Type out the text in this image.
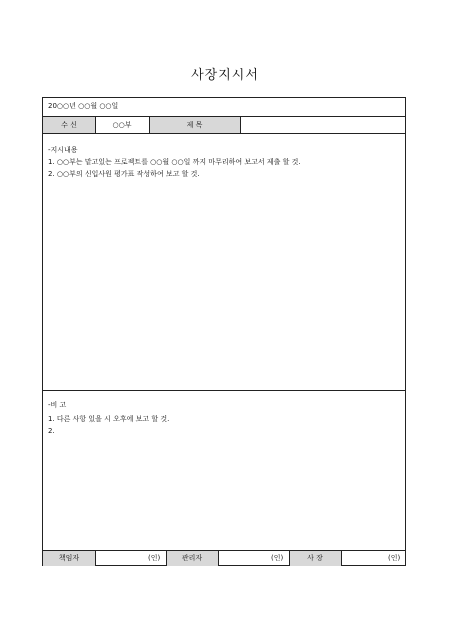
사장지시서
20○○년 ○○월 ○○일
수 신	○○부	제 목
-지시내용
1. ○○부는 맡고있는 프로젝트를 ○○월 ○○일 까지 마무리하여 보고서 제출 할 것.
2. ○○부의 신입사원 평가표 작성하여 보고 할 것.
-비 고
1. 다른 사항 있을 시 오후에 보고 할 것.
2.
책임자	(인)	관리자	(인)	사 장	(인)
